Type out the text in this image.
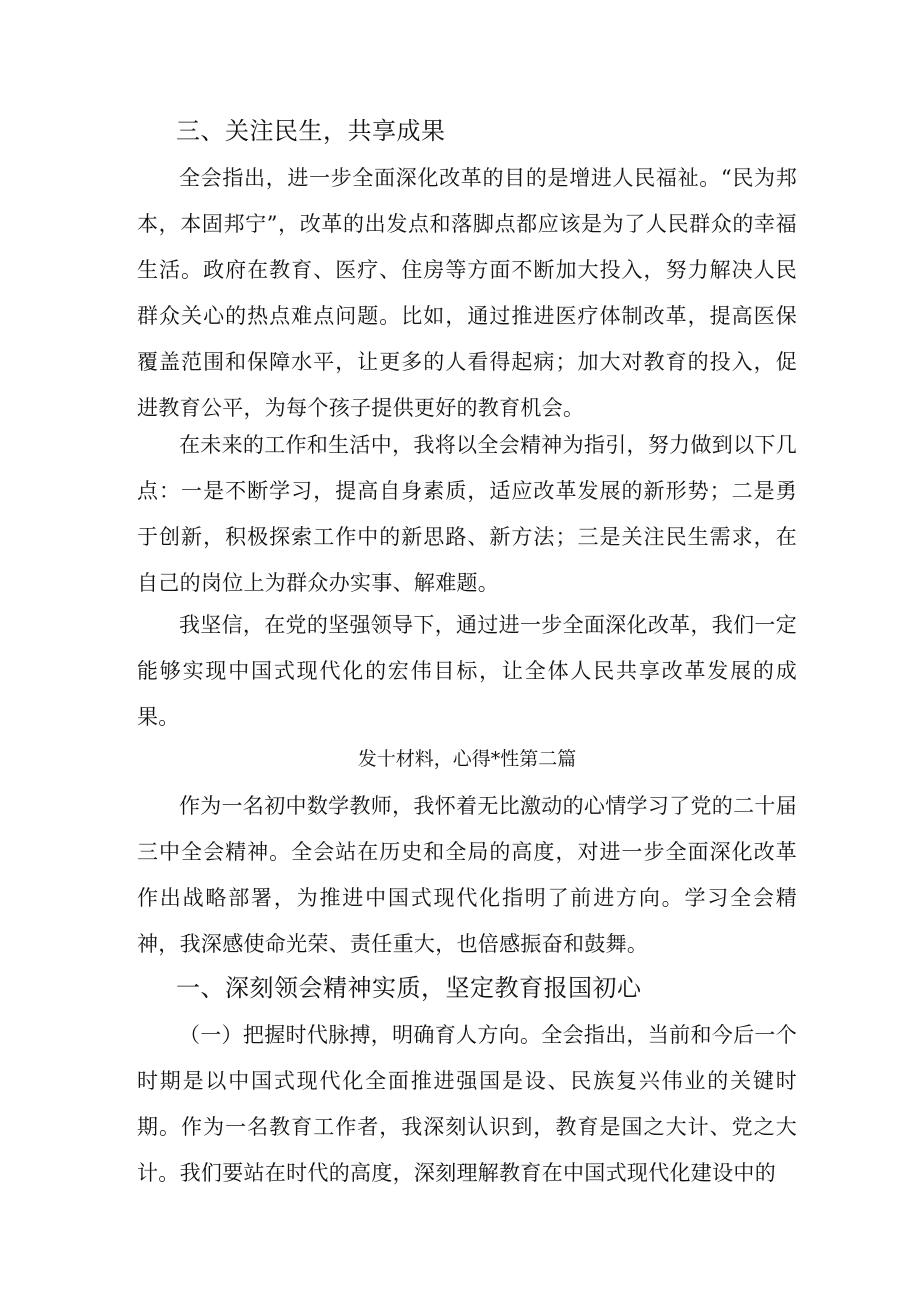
三、关注民生，共享成果
全会指出，进一步全面深化改革的目的是增进人民福祉。“民为邦本，本固邦宁”，改革的出发点和落脚点都应该是为了人民群众的幸福生活。政府在教育、医疗、住房等方面不断加大投入，努力解决人民群众关心的热点难点问题。比如，通过推进医疗体制改革，提高医保覆盖范围和保障水平，让更多的人看得起病；加大对教育的投入，促进教育公平，为每个孩子提供更好的教育机会。
在未来的工作和生活中，我将以全会精神为指引，努力做到以下几点：一是不断学习，提高自身素质，适应改革发展的新形势；二是勇于创新，积极探索工作中的新思路、新方法；三是关注民生需求，在自己的岗位上为群众办实事、解难题。
我坚信，在党的坚强领导下，通过进一步全面深化改革，我们一定能够实现中国式现代化的宏伟目标，让全体人民共享改革发展的成果。
发十材料，心得*性第二篇
作为一名初中数学教师，我怀着无比激动的心情学习了党的二十届三中全会精神。全会站在历史和全局的高度，对进一步全面深化改革作出战略部署，为推进中国式现代化指明了前进方向。学习全会精神，我深感使命光荣、责任重大，也倍感振奋和鼓舞。
一、深刻领会精神实质，坚定教育报国初心
（一）把握时代脉搏，明确育人方向。全会指出，当前和今后一个时期是以中国式现代化全面推进强国是设、民族复兴伟业的关键时期。作为一名教育工作者，我深刻认识到，教育是国之大计、党之大计。我们要站在时代的高度，深刻理解教育在中国式现代化建设中的
